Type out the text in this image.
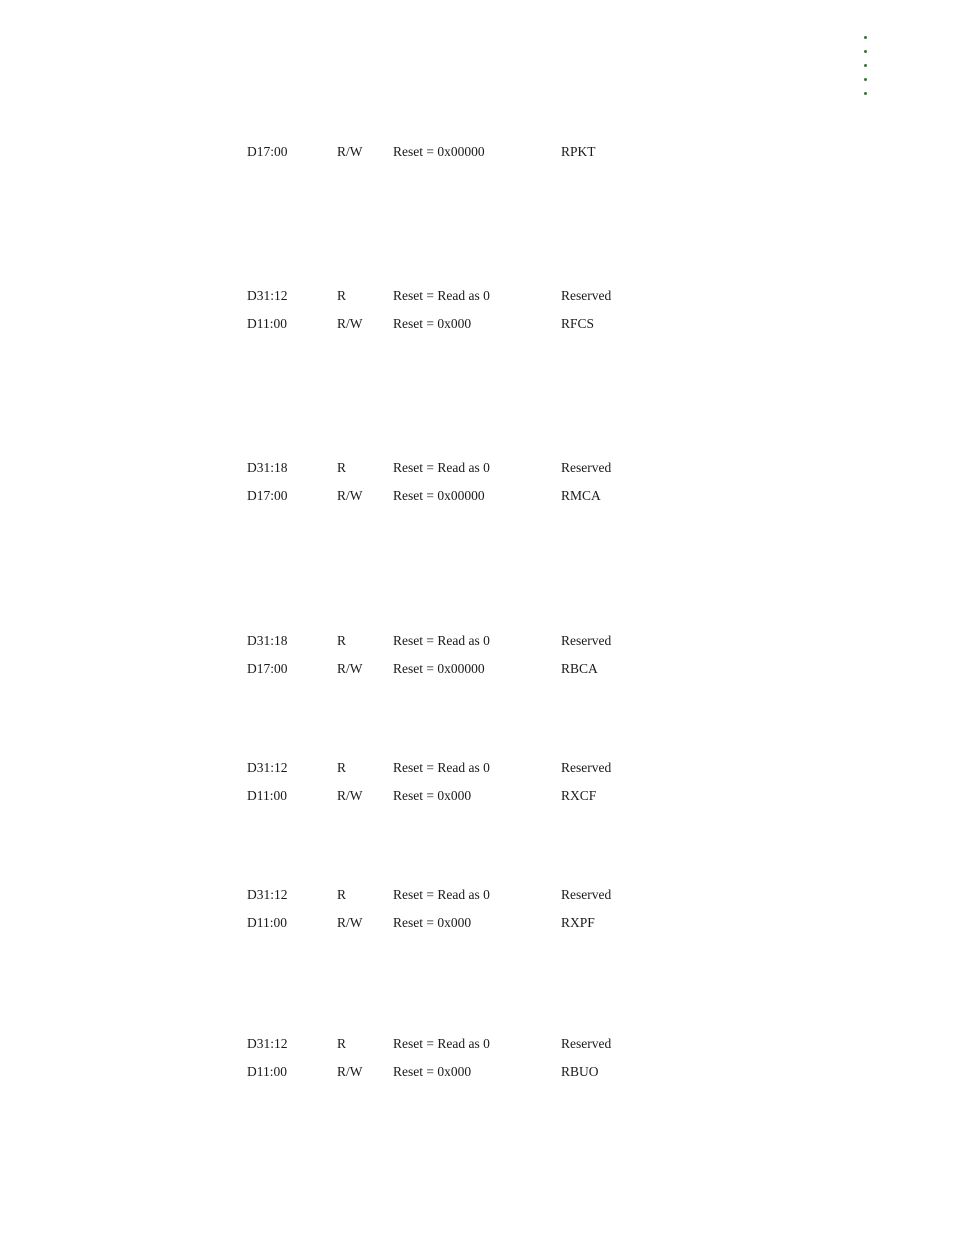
D17:00	R/W Reset = 0x00000	RPKT
D31:12	R	Reset = Read as 0	Reserved
D11:00	R/W Reset = 0x000	RFCS
D31:18	R	Reset = Read as 0	Reserved
D17:00	R/W Reset = 0x00000	RMCA
D31:18	R	Reset = Read as 0	Reserved
D17:00	R/W Reset = 0x00000	RBCA
D31:12	R	Reset = Read as 0	Reserved
D11:00	R/W Reset = 0x000	RXCF
D31:12	R	Reset = Read as 0	Reserved
D11:00	R/W Reset = 0x000	RXPF
D31:12	R	Reset = Read as 0	Reserved
D11:00	R/W Reset = 0x000	RBUO
